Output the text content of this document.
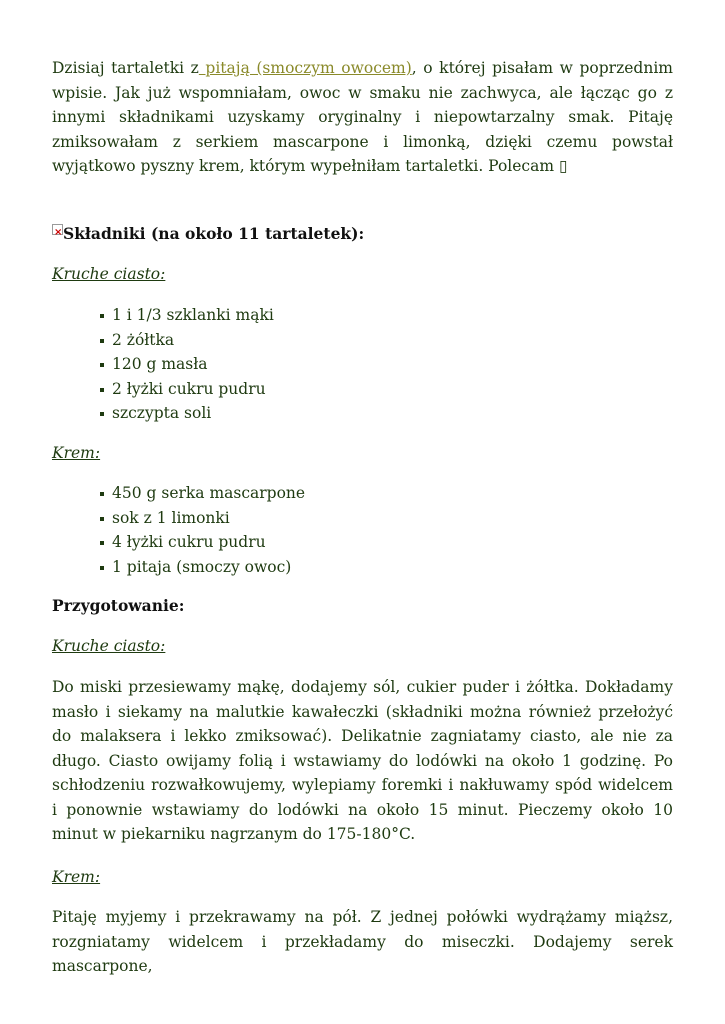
Dzisiaj tartaletki z pitają (smoczym owocem), o której pisałam w poprzednim wpisie. Jak już wspomniałam, owoc w smaku nie zachwyca, ale łącząc go z innymi składnikami uzyskamy oryginalny i niepowtarzalny smak. Pitaję zmiksowałam z serkiem mascarpone i limonką, dzięki czemu powstał wyjątkowo pyszny krem, którym wypełniłam tartaletki. Polecam ▯

×Składniki (na około 11 tartaletek):

Kruche ciasto:

1 i 1/3 szklanki mąki
2 żółtka
120 g masła
2 łyżki cukru pudru
szczypta soli

Krem:

450 g serka mascarpone
sok z 1 limonki
4 łyżki cukru pudru
1 pitaja (smoczy owoc)

Przygotowanie:

Kruche ciasto:

Do miski przesiewamy mąkę, dodajemy sól, cukier puder i żółtka. Dokładamy masło i siekamy na malutkie kawałeczki (składniki można również przełożyć do malaksera i lekko zmiksować). Delikatnie zagniatamy ciasto, ale nie za długo. Ciasto owijamy folią i wstawiamy do lodówki na około 1 godzinę. Po schłodzeniu rozwałkowujemy, wylepiamy foremki i nakłuwamy spód widelcem i ponownie wstawiamy do lodówki na około 15 minut. Pieczemy około 10 minut w piekarniku nagrzanym do 175-180°C.

Krem:

Pitaję myjemy i przekrawamy na pół. Z jednej połówki wydrążamy miąższ, rozgniatamy widelcem i przekładamy do miseczki. Dodajemy serek mascarpone,
